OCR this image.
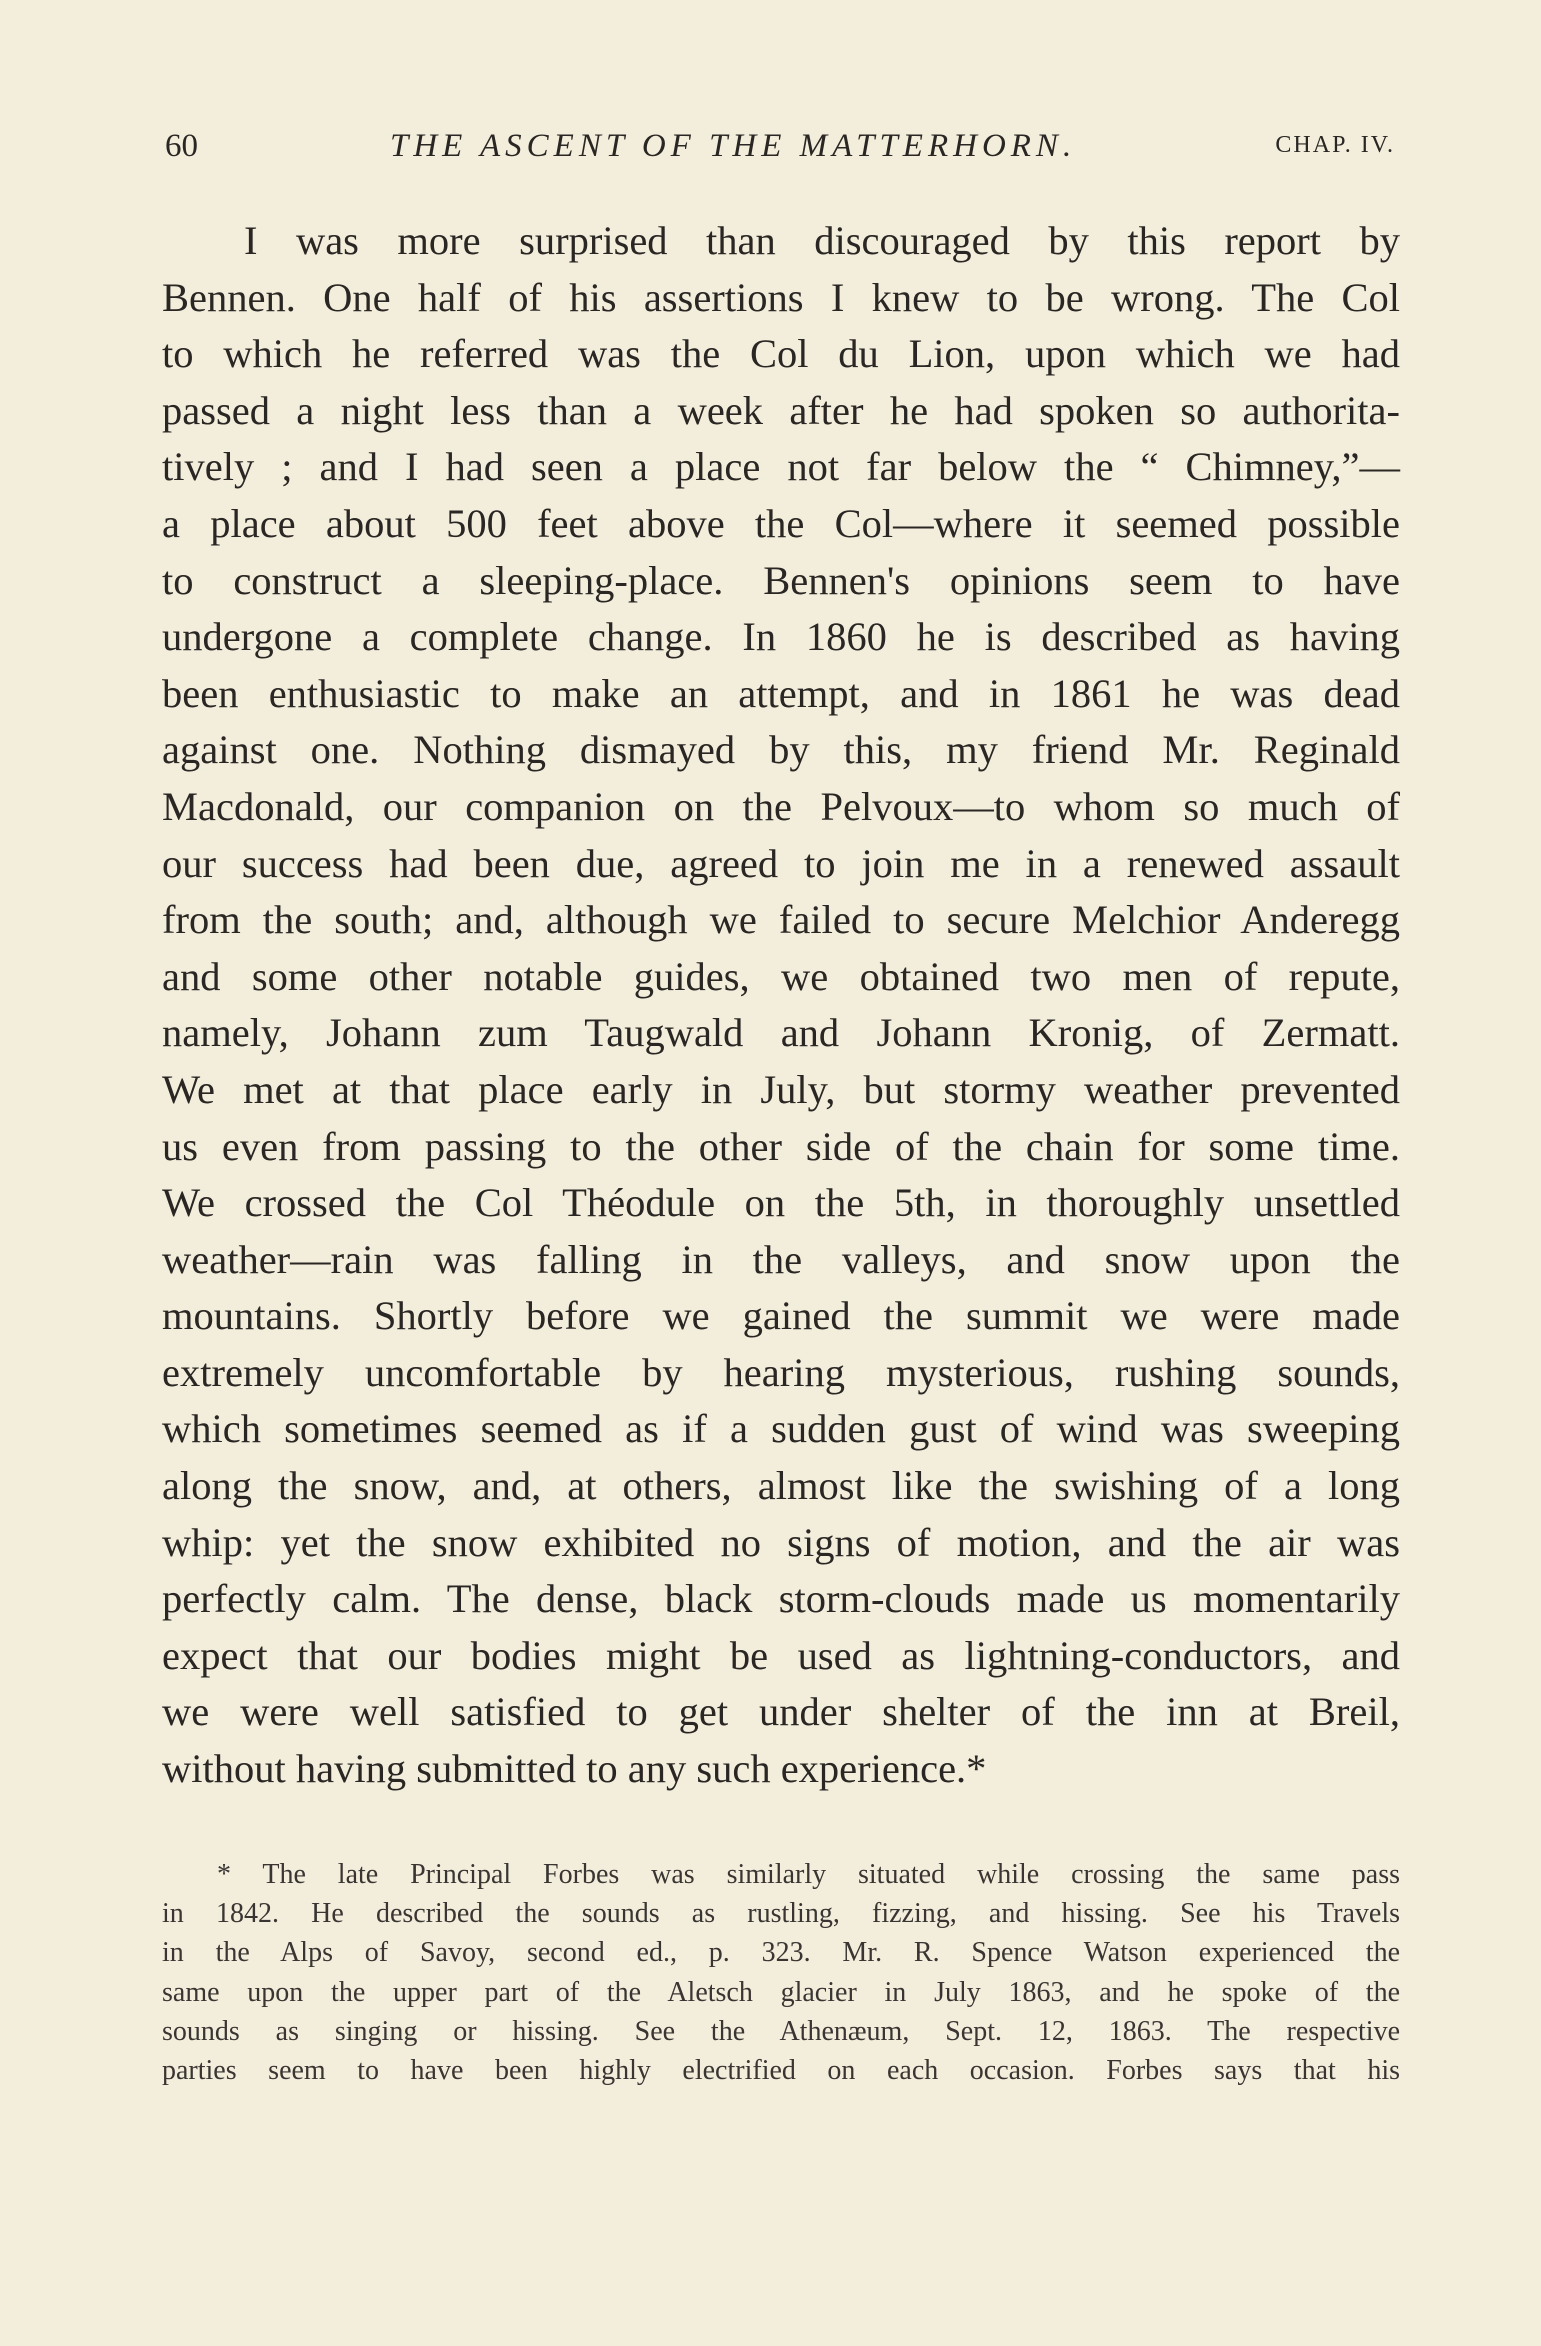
60	THE ASCENT OF THE MATTERHORN.	CHAP. IV.
I was more surprised than discouraged by this report by
Bennen. One half of his assertions I knew to be wrong. The Col
to which he referred was the Col du Lion, upon which we had
passed a night less than a week after he had spoken so authorita-
tively ; and I had seen a place not far below the “ Chimney,”—
a place about 500 feet above the Col—where it seemed possible
to construct a sleeping-place. Bennen's opinions seem to have
undergone a complete change. In 1860 he is described as having
been enthusiastic to make an attempt, and in 1861 he was dead
against one. Nothing dismayed by this, my friend Mr. Reginald
Macdonald, our companion on the Pelvoux—to whom so much of
our success had been due, agreed to join me in a renewed assault
from the south; and, although we failed to secure Melchior Anderegg
and some other notable guides, we obtained two men of repute,
namely, Johann zum Taugwald and Johann Kronig, of Zermatt.
We met at that place early in July, but stormy weather prevented
us even from passing to the other side of the chain for some time.
We crossed the Col Théodule on the 5th, in thoroughly unsettled
weather—rain was falling in the valleys, and snow upon the
mountains. Shortly before we gained the summit we were made
extremely uncomfortable by hearing mysterious, rushing sounds,
which sometimes seemed as if a sudden gust of wind was sweeping
along the snow, and, at others, almost like the swishing of a long
whip: yet the snow exhibited no signs of motion, and the air was
perfectly calm. The dense, black storm-clouds made us momentarily
expect that our bodies might be used as lightning-conductors, and
we were well satisfied to get under shelter of the inn at Breil,
without having submitted to any such experience.*
* The late Principal Forbes was similarly situated while crossing the same pass
in 1842. He described the sounds as rustling, fizzing, and hissing. See his Travels
in the Alps of Savoy, second ed., p. 323. Mr. R. Spence Watson experienced the
same upon the upper part of the Aletsch glacier in July 1863, and he spoke of the
sounds as singing or hissing. See the Athenæum, Sept. 12, 1863. The respective
parties seem to have been highly electrified on each occasion. Forbes says that his
